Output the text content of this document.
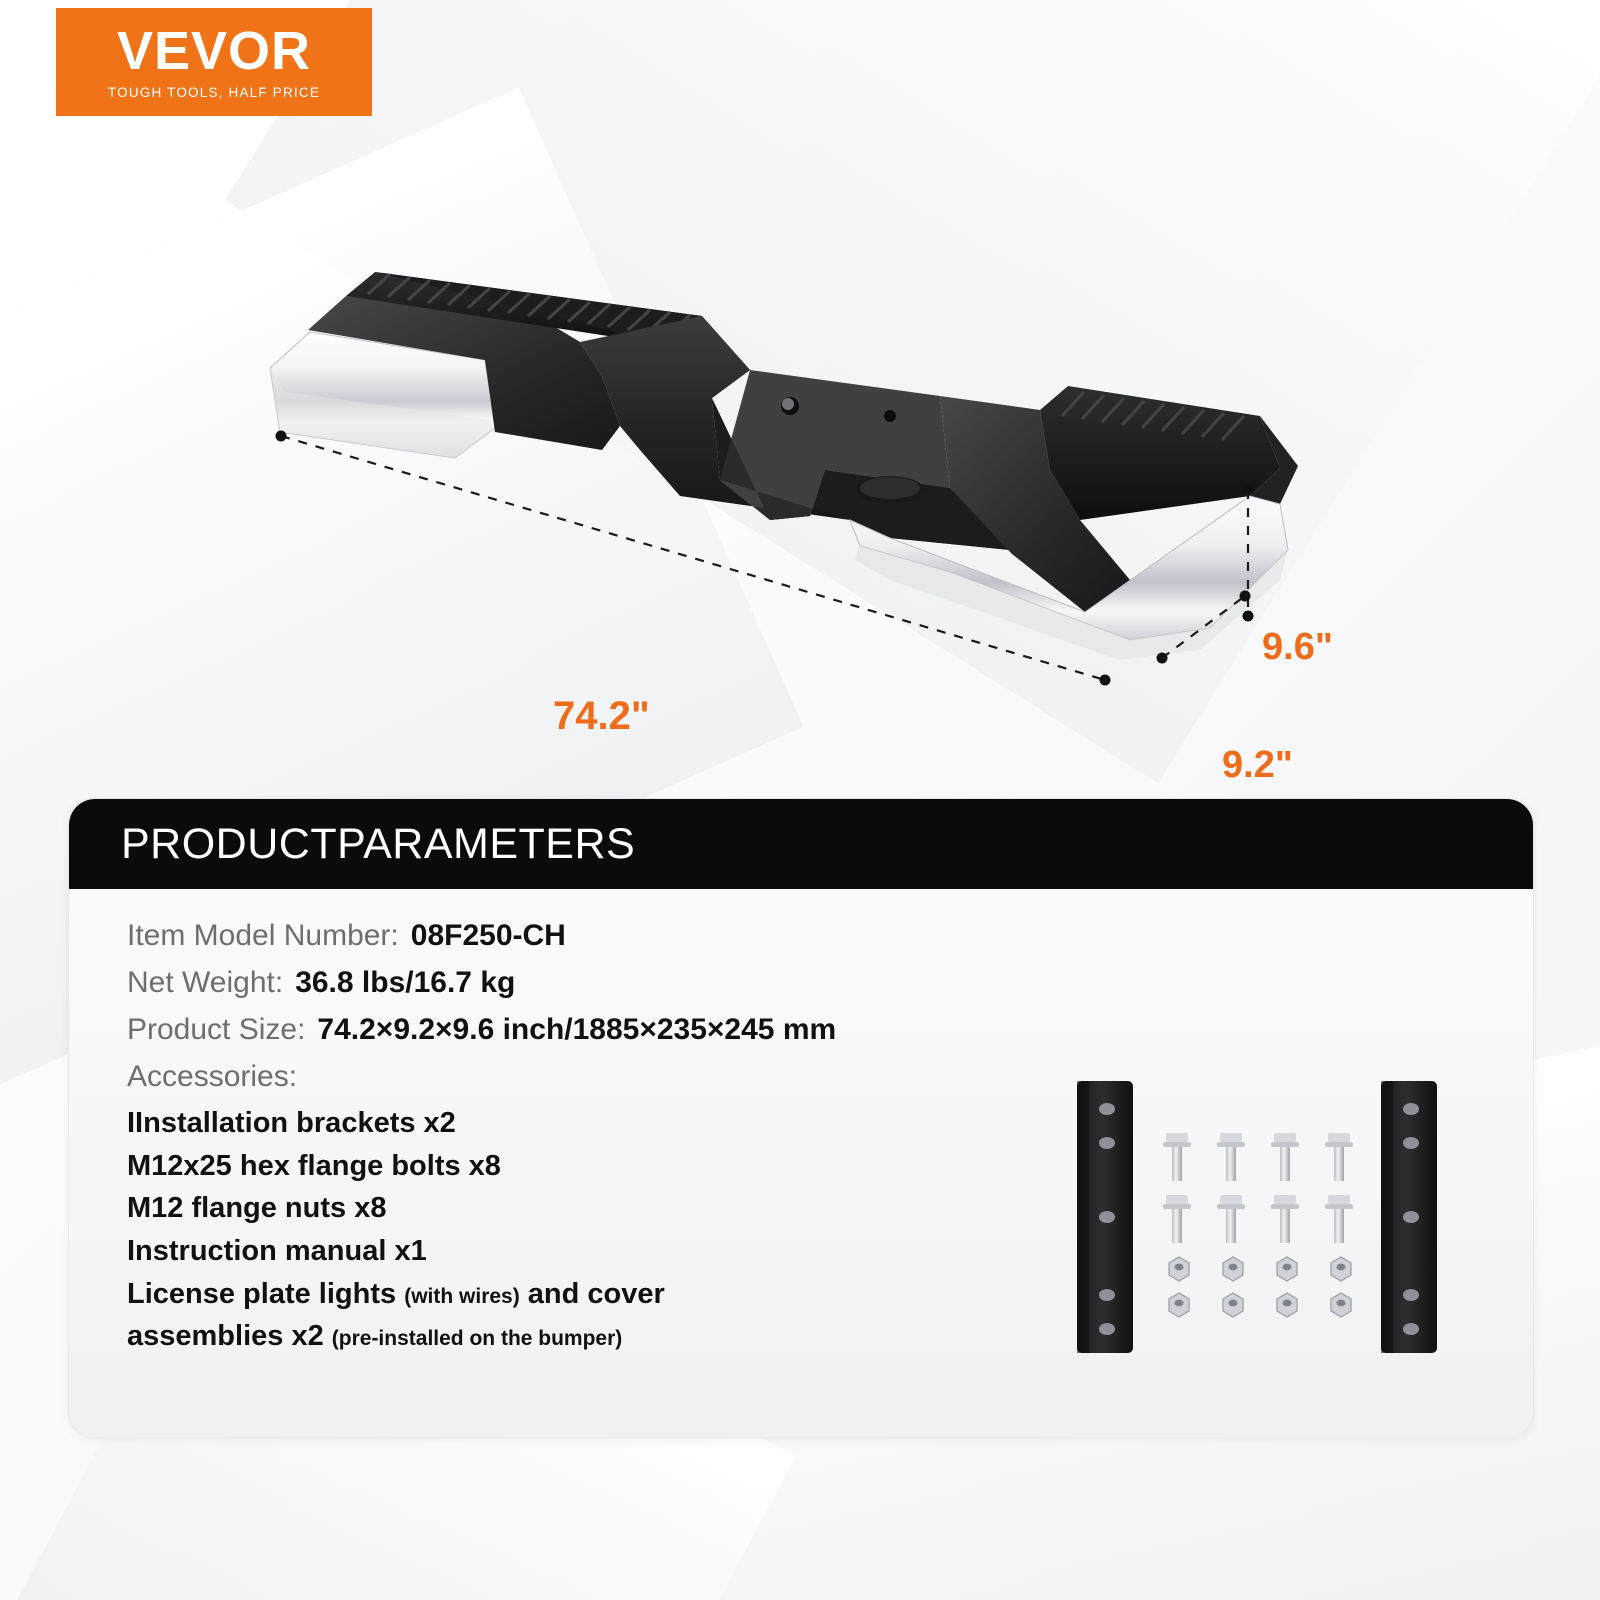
VEVOR
TOUGH TOOLS, HALF PRICE
74.2"
9.6"
9.2"
PRODUCTPARAMETERS
Item Model Number: 08F250-CH
Net Weight: 36.8 lbs/16.7 kg
Product Size: 74.2×9.2×9.6 inch/1885×235×245 mm
Accessories:
IInstallation brackets x2
M12x25 hex flange bolts x8
M12 flange nuts x8
Instruction manual x1
License plate lights (with wires) and cover
assemblies x2 (pre-installed on the bumper)
